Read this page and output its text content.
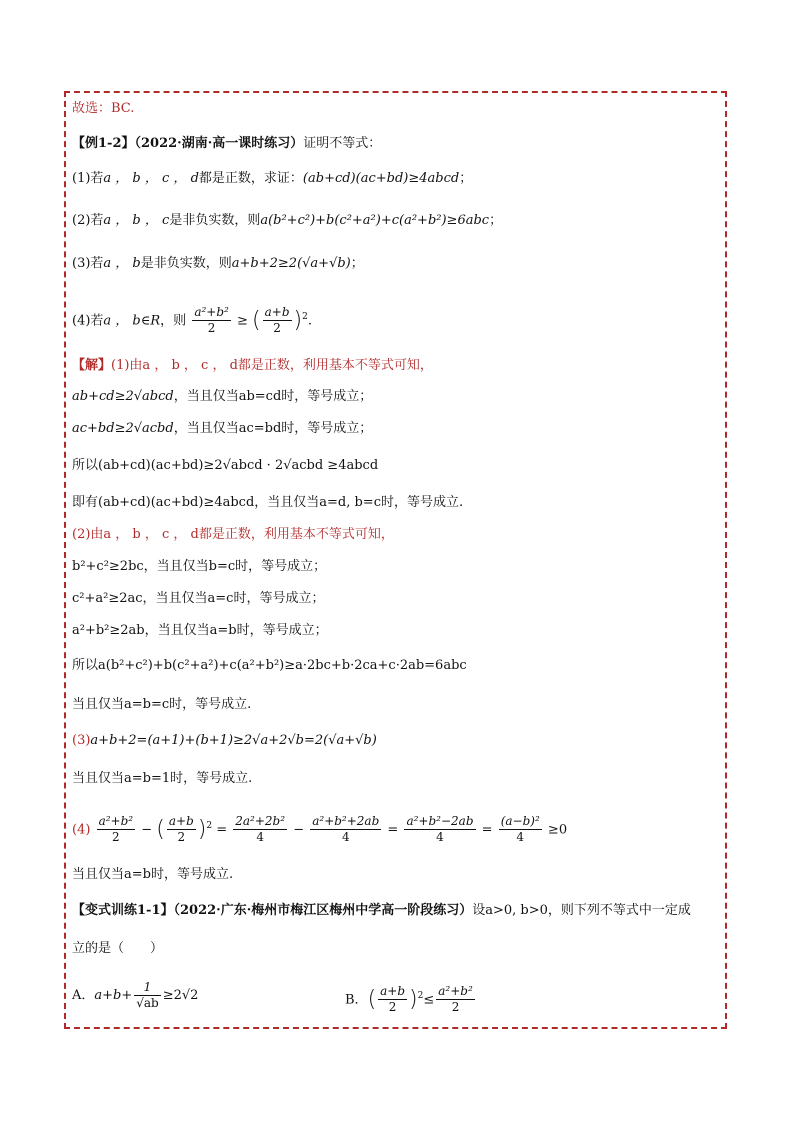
故选：BC.
【例1-2】（2022·湖南·高一课时练习）证明不等式：
(1)若a ， b ， c ， d都是正数，求证：(ab+cd)(ac+bd)≥4abcd；
(2)若a ， b ， c是非负实数，则a(b²+c²)+b(c²+a²)+c(a²+b²)≥6abc；
(3)若a ， b是非负实数，则a+b+2≥2(√a+√b)；
(4)若a ， b∈R，则 $\frac{\text{a²+b²}}{2}$ ≥ ( $\frac{a+b}{2} )^2$.
【解】(1)由a ， b ， c ， d都是正数，利用基本不等式可知，
ab+cd≥2√abcd，当且仅当ab=cd时，等号成立；
ac+bd≥2√acbd，当且仅当ac=bd时，等号成立；
所以(ab+cd)(ac+bd)≥2√abcd · 2√acbd ≥4abcd
即有(ab+cd)(ac+bd)≥4abcd，当且仅当a=d, b=c时，等号成立.
(2)由a ， b ， c ， d都是正数，利用基本不等式可知，
b²+c²≥2bc，当且仅当b=c时，等号成立；
c²+a²≥2ac，当且仅当a=c时，等号成立；
a²+b²≥2ab，当且仅当a=b时，等号成立；
所以a(b²+c²)+b(c²+a²)+c(a²+b²)≥a·2bc+b·2ca+c·2ab=6abc
当且仅当a=b=c时，等号成立.
(3)a+b+2=(a+1)+(b+1)≥2√a+2√b=2(√a+√b)
当且仅当a=b=1时，等号成立.
$(4) \frac{\text{a²+b²}}{2}$ − ( $\frac{a+b}{2} )^2 = \frac{\text{2a²+2b²}}{4} - \frac{\text{a²+b²+2ab}}{4} = \frac{\text{a²+b²−2ab}}{4} = \frac{\text{(a−b)²}}{4} \ge 0$
当且仅当a=b时，等号成立.
【变式训练1-1】（2022·广东·梅州市梅江区梅州中学高一阶段练习）设a>0, b>0，则下列不等式中一定成
立的是（　　）
A．$a+b+ \frac{1}{√ab} \ge 2√2$	B．( $\frac{a+b}{2} )^2\le \frac{\text{a²+b²}}{2}$
